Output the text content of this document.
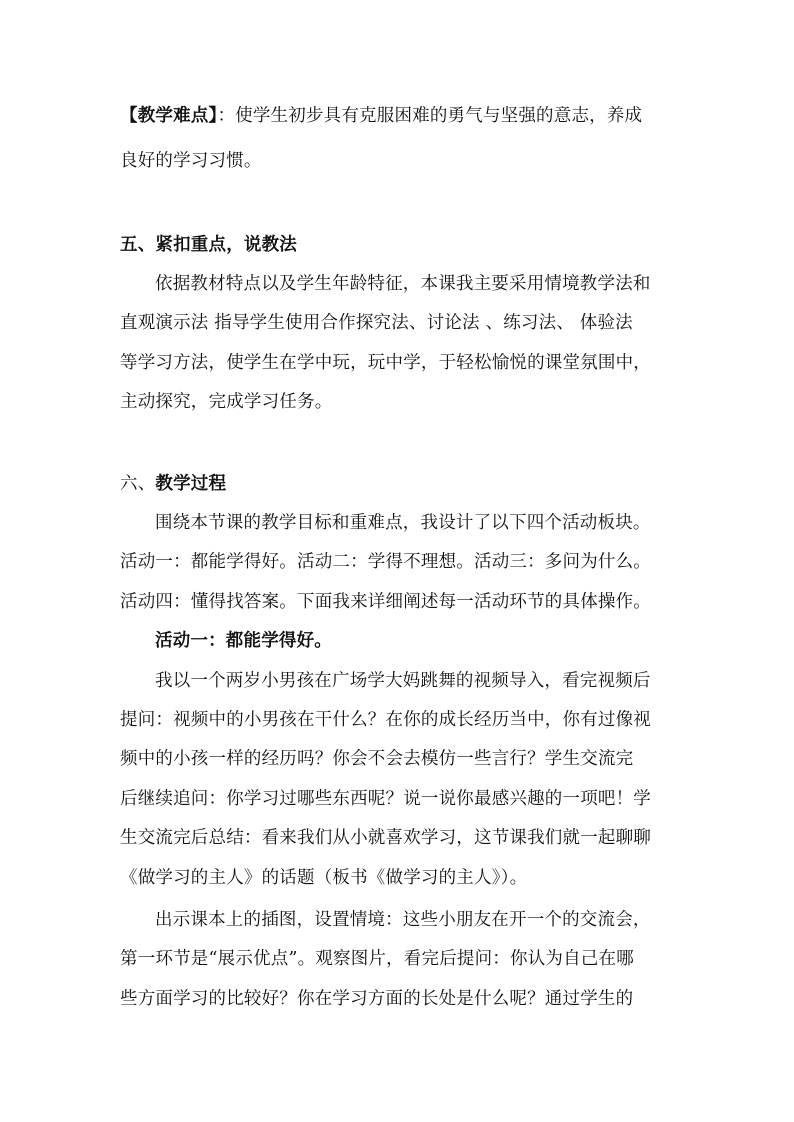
【教学难点】：使学生初步具有克服困难的勇气与坚强的意志，养成
良好的学习习惯。
五、紧扣重点，说教法
依据教材特点以及学生年龄特征，本课我主要采用情境教学法和
直观演示法 指导学生使用合作探究法、讨论法 、练习法、 体验法
等学习方法，使学生在学中玩，玩中学，于轻松愉悦的课堂氛围中，
主动探究，完成学习任务。
六、教学过程
围绕本节课的教学目标和重难点，我设计了以下四个活动板块。
活动一：都能学得好。活动二：学得不理想。活动三：多问为什么。
活动四：懂得找答案。下面我来详细阐述每一活动环节的具体操作。
活动一：都能学得好。
我以一个两岁小男孩在广场学大妈跳舞的视频导入，看完视频后
提问：视频中的小男孩在干什么？在你的成长经历当中，你有过像视
频中的小孩一样的经历吗？你会不会去模仿一些言行？学生交流完
后继续追问：你学习过哪些东西呢？说一说你最感兴趣的一项吧！学
生交流完后总结：看来我们从小就喜欢学习，这节课我们就一起聊聊
《做学习的主人》的话题（板书《做学习的主人》）。
出示课本上的插图，设置情境：这些小朋友在开一个的交流会，
第一环节是“展示优点”。观察图片，看完后提问：你认为自己在哪
些方面学习的比较好？你在学习方面的长处是什么呢？通过学生的
